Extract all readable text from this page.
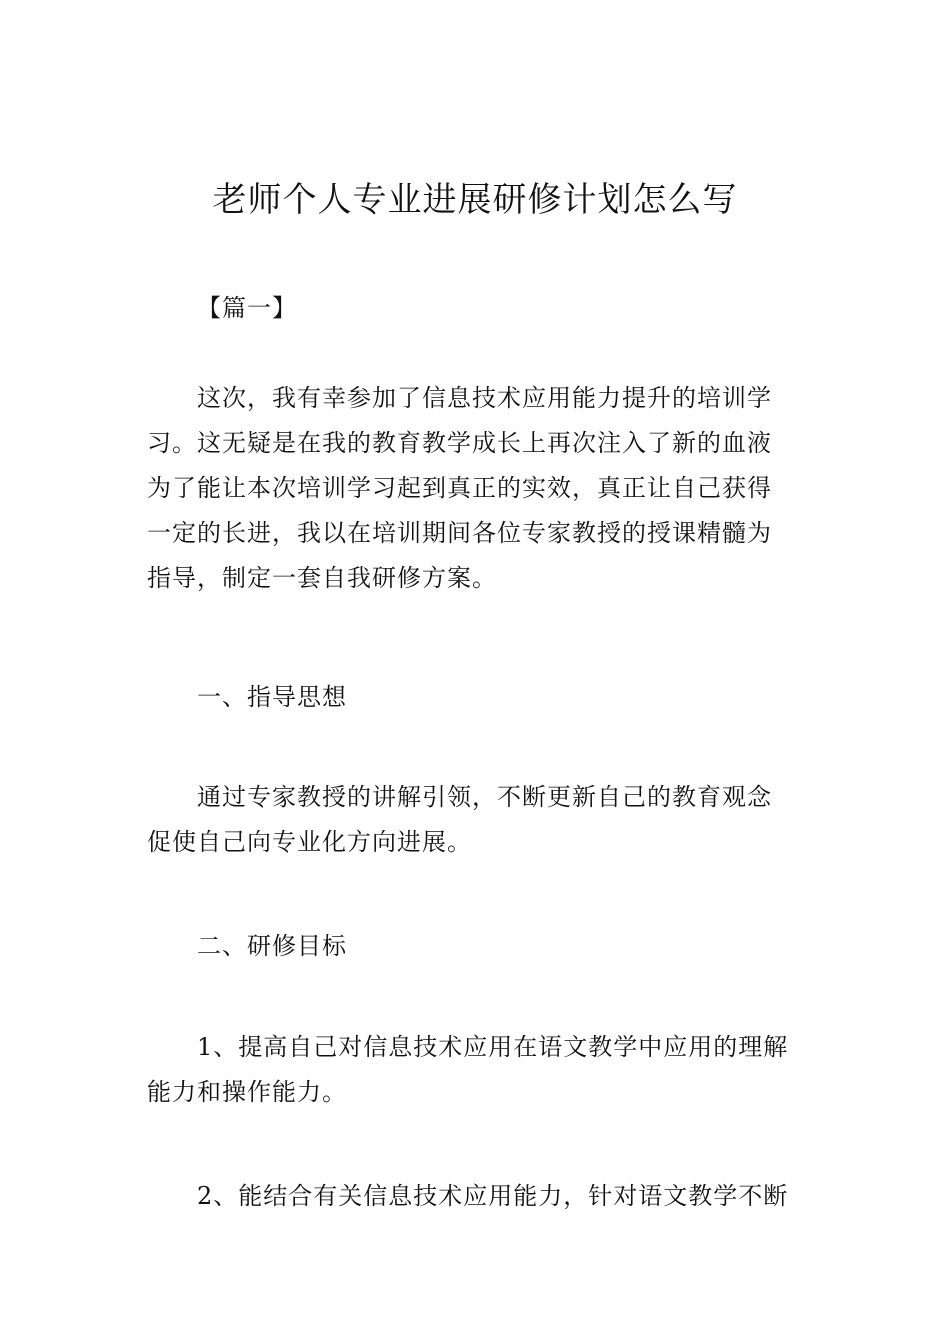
老师个人专业进展研修计划怎么写

【篇一】

这次，我有幸参加了信息技术应用能力提升的培训学
习。这无疑是在我的教育教学成长上再次注入了新的血液
为了能让本次培训学习起到真正的实效，真正让自己获得
一定的长进，我以在培训期间各位专家教授的授课精髓为
指导，制定一套自我研修方案。

一、指导思想

通过专家教授的讲解引领，不断更新自己的教育观念
促使自己向专业化方向进展。

二、研修目标

1、提高自己对信息技术应用在语文教学中应用的理解
能力和操作能力。
2、能结合有关信息技术应用能力，针对语文教学不断
